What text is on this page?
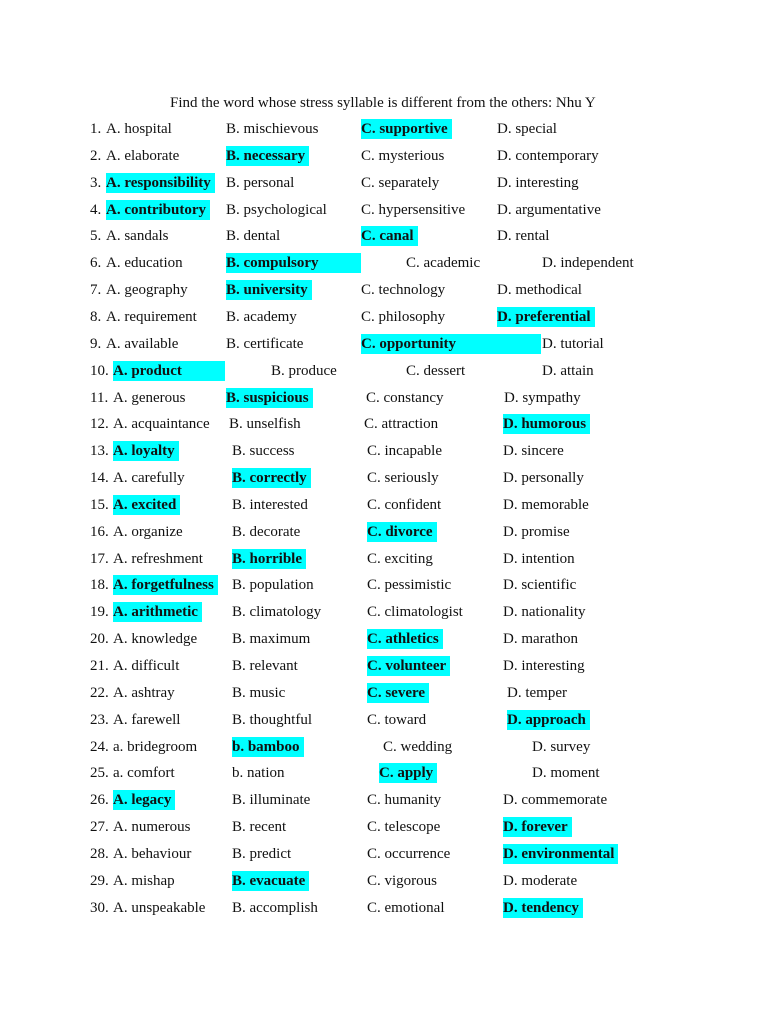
Find the word whose stress syllable is different from the others: Nhu Y
1. A. hospital	B. mischievous	C. supportive	D. special
2. A. elaborate	B. necessary	C. mysterious	D. contemporary
3. A. responsibility B. personal	C. separately	D. interesting
4. A. contributory B. psychological C. hypersensitive D. argumentative
5. A. sandals	B. dental	C. canal	D. rental
6. A. education	B. compulsory	C. academic	D. independent
7. A. geography	B. university	C. technology	D. methodical
8. A. requirement B. academy	C. philosophy	D. preferential
9. A. available	B. certificate	C. opportunity	D. tutorial
10. A. product	B. produce	C. dessert	D. attain
11. A. generous	B. suspicious	C. constancy	D. sympathy
12. A. acquaintance B. unselfish	C. attraction	D. humorous
13. A. loyalty	B. success	C. incapable	D. sincere
14. A. carefully	B. correctly	C. seriously	D. personally
15. A. excited	B. interested	C. confident	D. memorable
16. A. organize	B. decorate	C. divorce	D. promise
17. A. refreshment B. horrible	C. exciting	D. intention
18. A. forgetfulness B. population	C. pessimistic	D. scientific
19. A. arithmetic B. climatology	C. climatologist	D. nationality
20. A. knowledge B. maximum	C. athletics	D. marathon
21. A. difficult	B. relevant	C. volunteer	D. interesting
22. A. ashtray	B. music	C. severe	D. temper
23. A. farewell	B. thoughtful	C. toward	D. approach
24. a. bridegroom b. bamboo	C. wedding	D. survey
25. a. comfort	b. nation	C. apply	D. moment
26. A. legacy	B. illuminate	C. humanity	D. commemorate
27. A. numerous	B. recent	C. telescope	D. forever
28. A. behaviour	B. predict	C. occurrence	D. environmental
29. A. mishap	B. evacuate	C. vigorous	D. moderate
30. A. unspeakable B. accomplish	C. emotional	D. tendency
